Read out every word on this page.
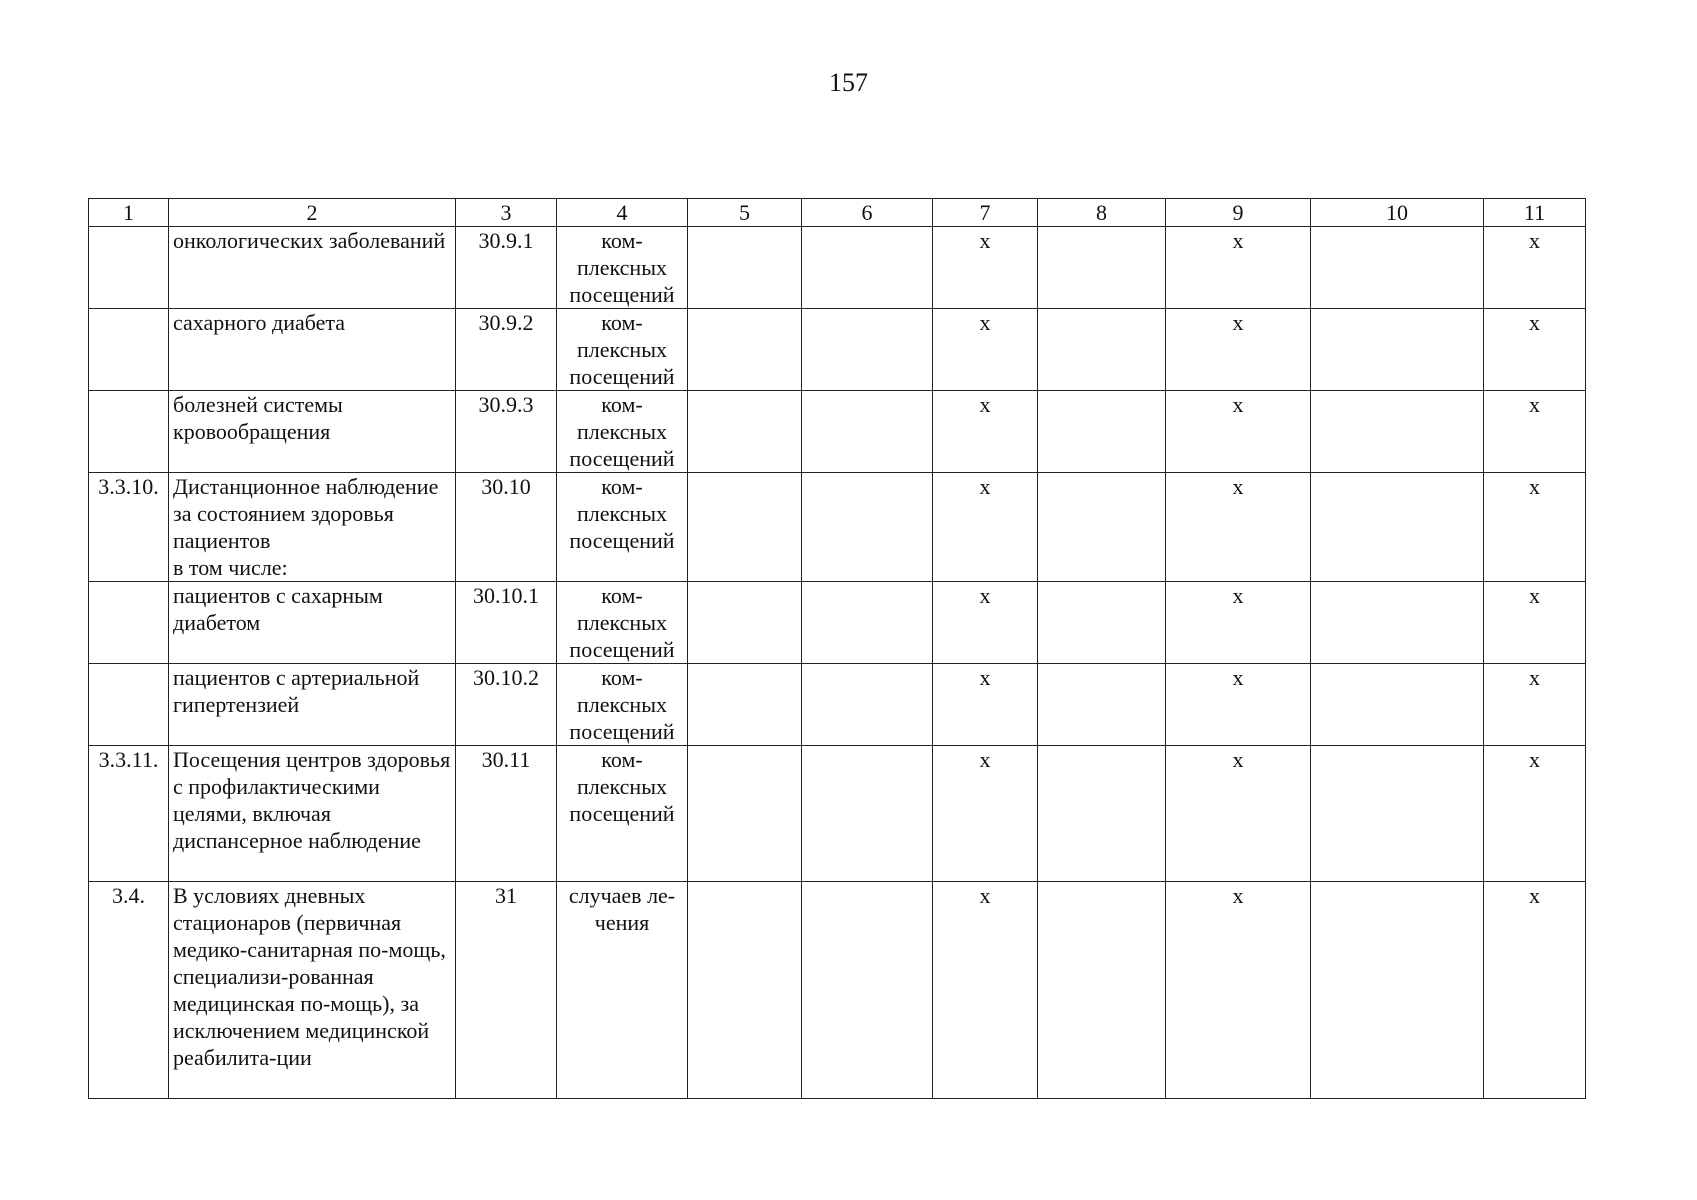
157
1	2	3	4	5	6	7	8	9	10	11
	онкологических заболеваний	30.9.1	ком-
плексных
посещений			x		x		x
	сахарного диабета	30.9.2	ком-
плексных
посещений			x		x		x
	болезней системы кровообращения	30.9.3	ком-
плексных
посещений			x		x		x
3.3.10.	Дистанционное наблюдение за состоянием здоровья пациентов
в том числе:	30.10	ком-
плексных
посещений			x		x		x
	пациентов с сахарным диабетом	30.10.1	ком-
плексных
посещений			x		x		x
	пациентов с артериальной гипертензией	30.10.2	ком-
плексных
посещений			x		x		x
3.3.11.	Посещения центров здоровья с профилактическими целями, включая диспансерное наблюдение	30.11	ком-
плексных
посещений			x		x		x
3.4.	В условиях дневных стационаров (первичная медико-санитарная по-мощь, специализи-рованная медицинская по-мощь), за исключением медицинской реабилита-ции	31	случаев ле-
чения			x		x		x
